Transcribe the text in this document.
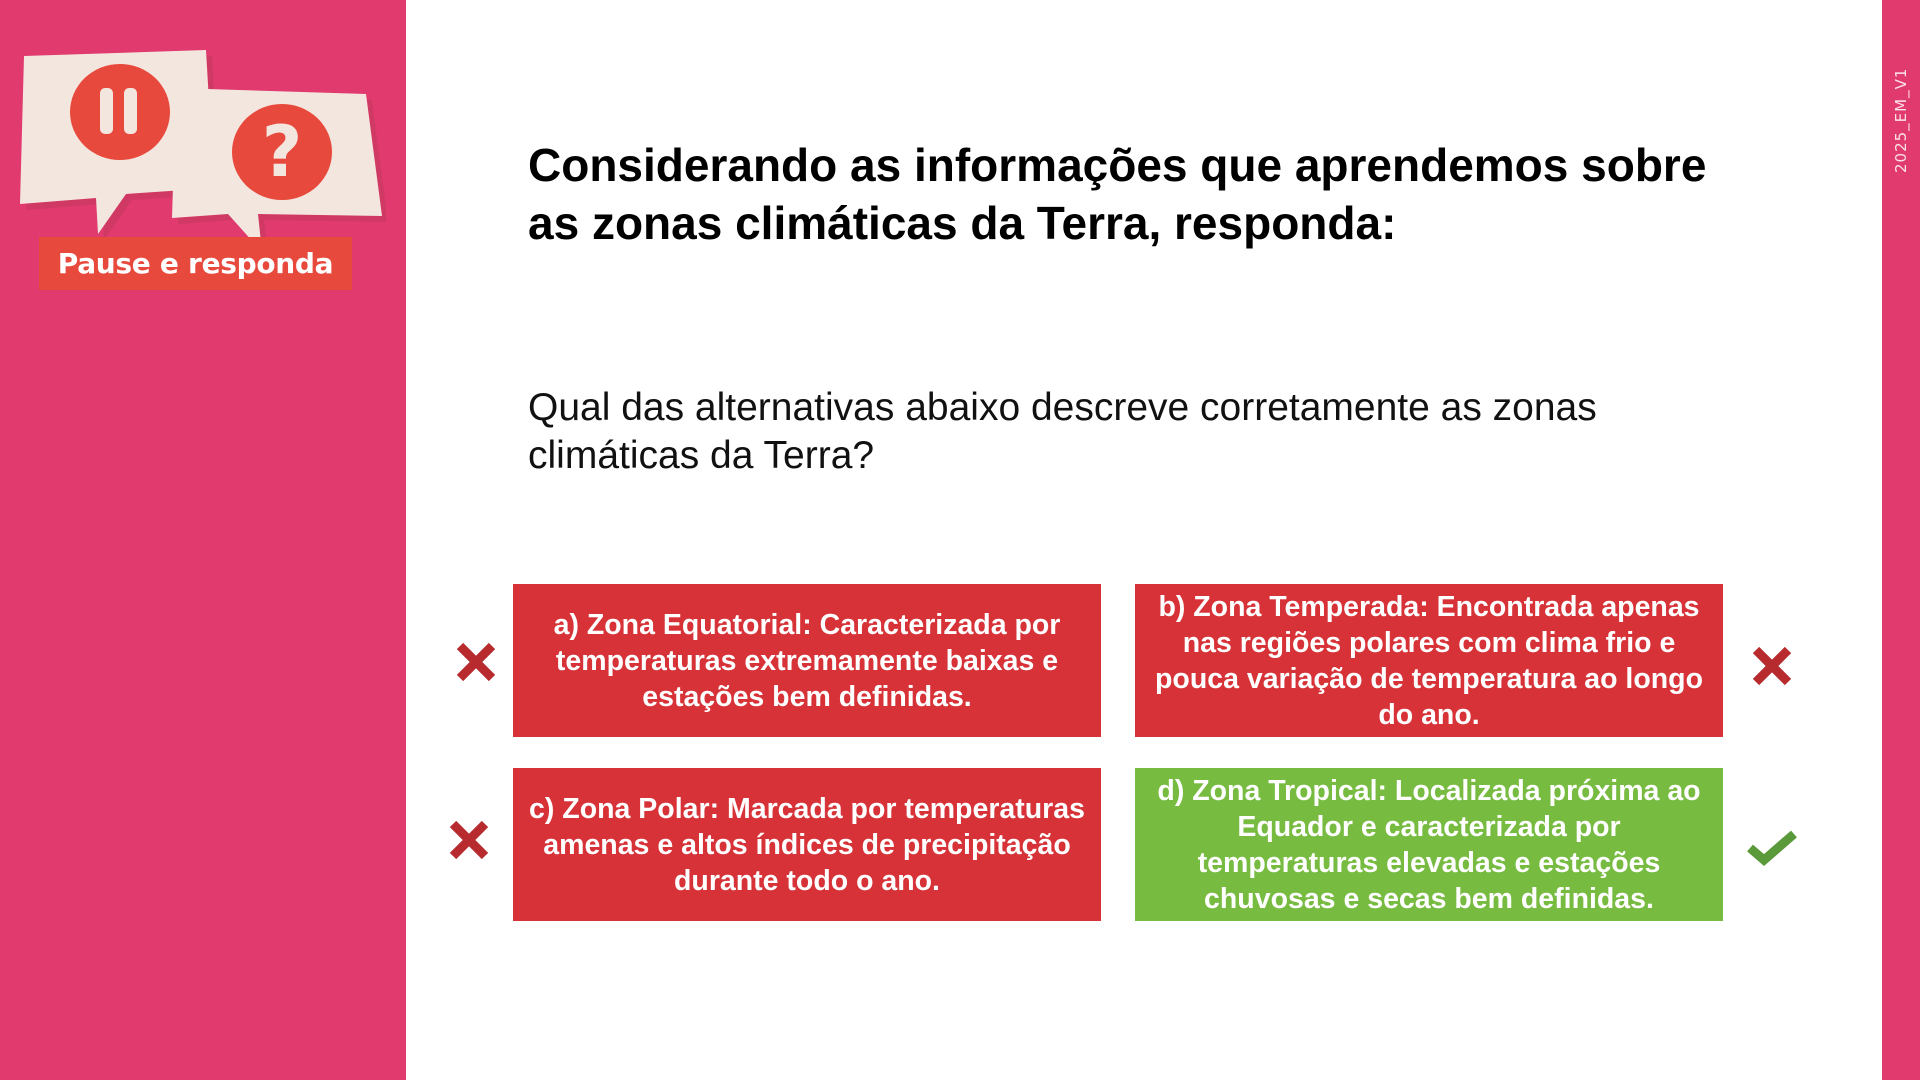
2025_EM_V1
?
Pause e responda
Considerando as informações que aprendemos sobre as zonas climáticas da Terra, responda:

Qual das alternativas abaixo descreve corretamente as zonas climáticas da Terra?

a) Zona Equatorial: Caracterizada por temperaturas extremamente baixas e estações bem definidas.
b) Zona Temperada: Encontrada apenas nas regiões polares com clima frio e pouca variação de temperatura ao longo do ano.
c) Zona Polar: Marcada por temperaturas amenas e altos índices de precipitação durante todo o ano.
d) Zona Tropical: Localizada próxima ao Equador e caracterizada por temperaturas elevadas e estações chuvosas e secas bem definidas.
